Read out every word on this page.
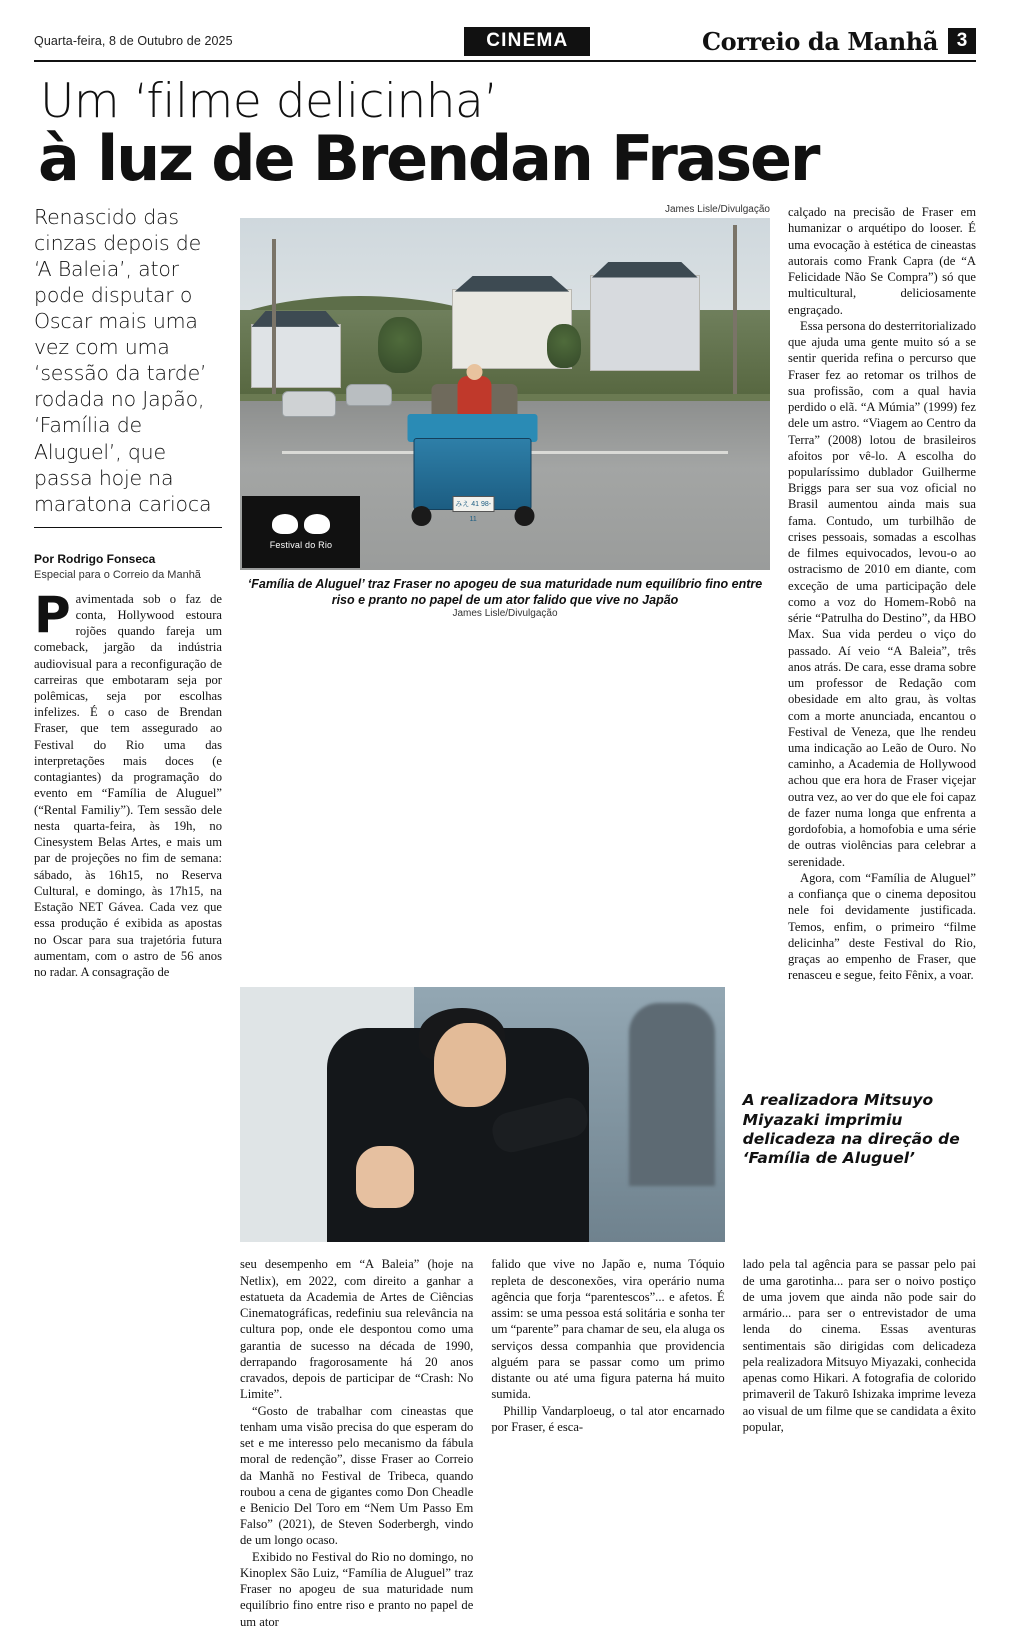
Quarta-feira, 8 de Outubro de 2025	CINEMA	Correio da Manhã 3
Um ‘filme delicinha’
à luz de Brendan Fraser
Renascido das cinzas depois de ‘A Baleia’, ator pode disputar o Oscar mais uma vez com uma ‘sessão da tarde’ rodada no Japão, ‘Família de Aluguel’, que passa hoje na maratona carioca
Por Rodrigo Fonseca
Especial para o Correio da Manhã

Pavimentada sob o faz de conta, Hollywood estoura rojões quando fareja um comeback, jargão da indústria audiovisual para a reconfiguração de carreiras que embotaram seja por polêmicas, seja por escolhas infelizes. É o caso de Brendan Fraser, que tem assegurado ao Festival do Rio uma das interpretações mais doces (e contagiantes) da programação do evento em “Família de Aluguel” (“Rental Familiy”). Tem sessão dele nesta quarta-feira, às 19h, no Cinesystem Belas Artes, e mais um par de projeções no fim de semana: sábado, às 16h15, no Reserva Cultural, e domingo, às 17h15, na Estação NET Gávea. Cada vez que essa produção é exibida as apostas no Oscar para sua trajetória futura aumentam, com o astro de 56 anos no radar. A consagração de

James Lisle/Divulgação
みえ 41 98-11
Festival do Rio
‘Família de Aluguel’ traz Fraser no apogeu de sua maturidade num equilíbrio fino entre riso e pranto no papel de um ator falido que vive no Japão
James Lisle/Divulgação

calçado na precisão de Fraser em humanizar o arquétipo do looser. É uma evocação à estética de cineastas autorais como Frank Capra (de “A Felicidade Não Se Compra”) só que multicultural, deliciosamente engraçado.

Essa persona do desterritorializado que ajuda uma gente muito só a se sentir querida refina o percurso que Fraser fez ao retomar os trilhos de sua profissão, com a qual havia perdido o elã. “A Múmia” (1999) fez dele um astro. “Viagem ao Centro da Terra” (2008) lotou de brasileiros afoitos por vê-lo. A escolha do popularíssimo dublador Guilherme Briggs para ser sua voz oficial no Brasil aumentou ainda mais sua fama. Contudo, um turbilhão de crises pessoais, somadas a escolhas de filmes equivocados, levou-o ao ostracismo de 2010 em diante, com exceção de uma participação dele como a voz do Homem-Robô na série “Patrulha do Destino”, da HBO Max. Sua vida perdeu o viço do passado. Aí veio “A Baleia”, três anos atrás. De cara, esse drama sobre um professor de Redação com obesidade em alto grau, às voltas com a morte anunciada, encantou o Festival de Veneza, que lhe rendeu uma indicação ao Leão de Ouro. No caminho, a Academia de Hollywood achou que era hora de Fraser viçejar outra vez, ao ver do que ele foi capaz de fazer numa longa que enfrenta a gordofobia, a homofobia e uma série de outras violências para celebrar a serenidade.

Agora, com “Família de Aluguel” a confiança que o cinema depositou nele foi devidamente justificada. Temos, enfim, o primeiro “filme delicinha” deste Festival do Rio, graças ao empenho de Fraser, que renasceu e segue, feito Fênix, a voar.

A realizadora Mitsuyo Miyazaki imprimiu delicadeza na direção de ‘Família de Aluguel’

seu desempenho em “A Baleia” (hoje na Netlix), em 2022, com direito a ganhar a estatueta da Academia de Artes de Ciências Cinematográficas, redefiniu sua relevância na cultura pop, onde ele despontou como uma garantia de sucesso na década de 1990, derrapando fragorosamente há 20 anos cravados, depois de participar de “Crash: No Limite”.

“Gosto de trabalhar com cineastas que tenham uma visão precisa do que esperam do set e me interesso pelo mecanismo da fábula moral de redenção”, disse Fraser ao Correio da Manhã no Festival de Tribeca, quando roubou a cena de gigantes como Don Cheadle e Benicio Del Toro em “Nem Um Passo Em Falso” (2021), de Steven Soderbergh, vindo de um longo ocaso.

Exibido no Festival do Rio no domingo, no Kinoplex São Luiz, “Família de Aluguel” traz Fraser no apogeu de sua maturidade num equilíbrio fino entre riso e pranto no papel de um ator

falido que vive no Japão e, numa Tóquio repleta de desconexões, vira operário numa agência que forja “parentescos”... e afetos. É assim: se uma pessoa está solitária e sonha ter um “parente” para chamar de seu, ela aluga os serviços dessa companhia que providencia alguém para se passar como um primo distante ou até uma figura paterna há muito sumida.

Phillip Vandarploeug, o tal ator encarnado por Fraser, é esca-

lado pela tal agência para se passar pelo pai de uma garotinha... para ser o noivo postiço de uma jovem que ainda não pode sair do armário... para ser o entrevistador de uma lenda do cinema. Essas aventuras sentimentais são dirigidas com delicadeza pela realizadora Mitsuyo Miyazaki, conhecida apenas como Hikari. A fotografia de colorido primaveril de Takurô Ishizaka imprime leveza ao visual de um filme que se candidata a êxito popular,
